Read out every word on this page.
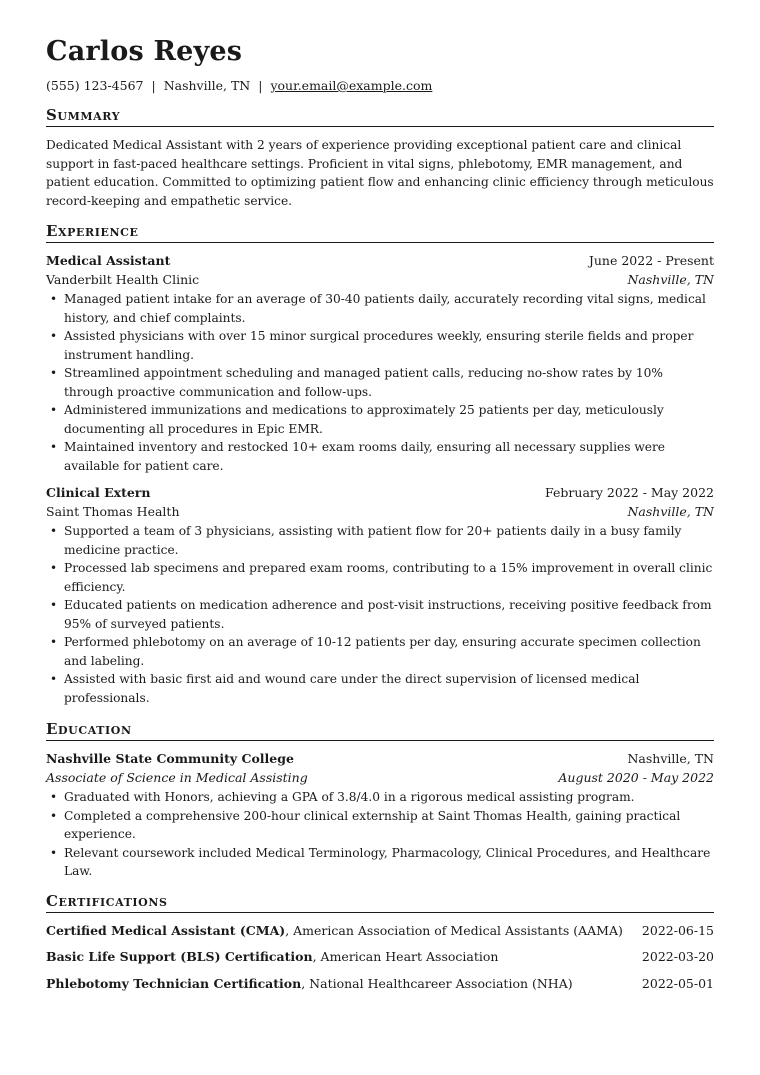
Carlos Reyes
(555) 123-4567 | Nashville, TN | your.email@example.com
Summary
Dedicated Medical Assistant with 2 years of experience providing exceptional patient care and clinical support in fast-paced healthcare settings. Proficient in vital signs, phlebotomy, EMR management, and patient education. Committed to optimizing patient flow and enhancing clinic efficiency through meticulous record-keeping and empathetic service.
Experience
Medical Assistant	June 2022 - Present
Vanderbilt Health Clinic	Nashville, TN
• Managed patient intake for an average of 30-40 patients daily, accurately recording vital signs, medical history, and chief complaints.
• Assisted physicians with over 15 minor surgical procedures weekly, ensuring sterile fields and proper instrument handling.
• Streamlined appointment scheduling and managed patient calls, reducing no-show rates by 10% through proactive communication and follow-ups.
• Administered immunizations and medications to approximately 25 patients per day, meticulously documenting all procedures in Epic EMR.
• Maintained inventory and restocked 10+ exam rooms daily, ensuring all necessary supplies were available for patient care.
Clinical Extern	February 2022 - May 2022
Saint Thomas Health	Nashville, TN
• Supported a team of 3 physicians, assisting with patient flow for 20+ patients daily in a busy family medicine practice.
• Processed lab specimens and prepared exam rooms, contributing to a 15% improvement in overall clinic efficiency.
• Educated patients on medication adherence and post-visit instructions, receiving positive feedback from 95% of surveyed patients.
• Performed phlebotomy on an average of 10-12 patients per day, ensuring accurate specimen collection and labeling.
• Assisted with basic first aid and wound care under the direct supervision of licensed medical professionals.
Education
Nashville State Community College	Nashville, TN
Associate of Science in Medical Assisting	August 2020 - May 2022
• Graduated with Honors, achieving a GPA of 3.8/4.0 in a rigorous medical assisting program.
• Completed a comprehensive 200-hour clinical externship at Saint Thomas Health, gaining practical experience.
• Relevant coursework included Medical Terminology, Pharmacology, Clinical Procedures, and Healthcare Law.
Certifications
Certified Medical Assistant (CMA), American Association of Medical Assistants (AAMA) 2022-06-15
Basic Life Support (BLS) Certification, American Heart Association	2022-03-20
Phlebotomy Technician Certification, National Healthcareer Association (NHA)	2022-05-01
